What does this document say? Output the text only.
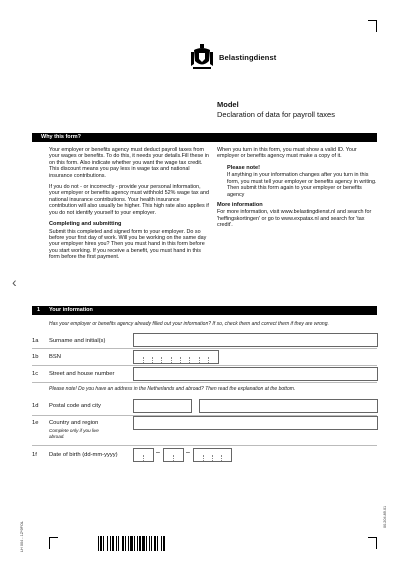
Belastingdienst
Model
Declaration of data for payroll taxes
Why this form?

Your employer or benefits agency must deduct payroll taxes from your wages or benefits. To do this, it needs your details.Fill these in on this form. Also indicate whether you want the wage tax credit. This discount means you pay less in wage tax and national insurance contributions.

If you do not - or incorrectly - provide your personal information, your employer or benefits agency must withhold 52% wage tax and national insurance contributions. Your health insurance contribution will also usually be higher. This high rate also applies if you do not identify yourself to your employer.

Completing and submitting

Submit this completed and signed form to your employer. Do so before your first day of work. Will you be working on the same day your employer hires you? Then you must hand in this form before you start working. If you receive a benefit, you must hand in this form before the first payment.

When you turn in this form, you must show a valid ID. Your employer or benefits agency must make a copy of it.

Please note!

If anything in your information changes after you turn in this form, you must tell your employer or benefits agency in writing. Then submit this form again to your employer or benefits agency

More information

For more information, visit www.belastingdienst.nl and search for 'heffingskortingen' or go to www.expatax.nl and search for 'tax credit'.

‹
1 Your information
Has your employer or benefits agency already filled out your information? If so, check them and correct them if they are wrong.
1a Surname and initial(s)
1b BSN
1c Street and house number
Please note! Do you have an address in the Netherlands and abroad? Then read the explanation at the bottom.
1d Postal code and city
1e Country and region
Complete only if you live abroad.
1f Date of birth (dd-mm-yyyy)	–	–
LH 004 - 1Z*9FOL
00.204.89.01
